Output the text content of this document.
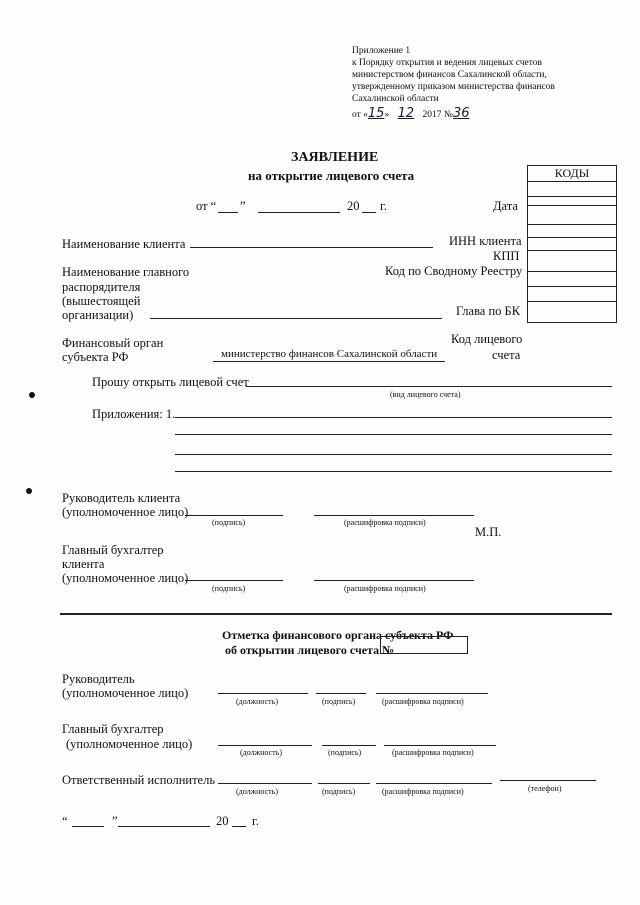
Приложение 1
к Порядку открытия и ведения лицевых счетов
министерством финансов Сахалинской области,
утвержденному приказом министерства финансов
Сахалинской области
от «15» 12 2017 №36
ЗАЯВЛЕНИЕ
на открытие лицевого счета	КОДЫ

от “ ”	20 г.	Дата
Наименование клиента	ИНН клиента
КПП
Наименование главного
распорядителя
(вышестоящей
организации)
Код по Сводному Реестру
Глава по БК
Финансовый орган
субъекта РФ	министерство финансов Сахалинской области
Код лицевого
счета
Прошу открыть лицевой счет
(вид лицевого счета)
Приложения: 1.
Руководитель клиента
(уполномоченное лицо)
(подпись)	(расшифровка подписи)
М.П.
Главный бухгалтер
клиента
(уполномоченное лицо)
(подпись)	(расшифровка подписи)
Отметка финансового органа субъекта РФ
об открытии лицевого счета №
Руководитель
(уполномоченное лицо)
(должность)	(подпись)	(расшифровка подписи)
Главный бухгалтер
(уполномоченное лицо)
(должность)	(подпись)	(расшифровка подписи)
Ответственный исполнитель
(должность)	(подпись)	(расшифровка подписи)	(телефон)
“	”	20 г.
